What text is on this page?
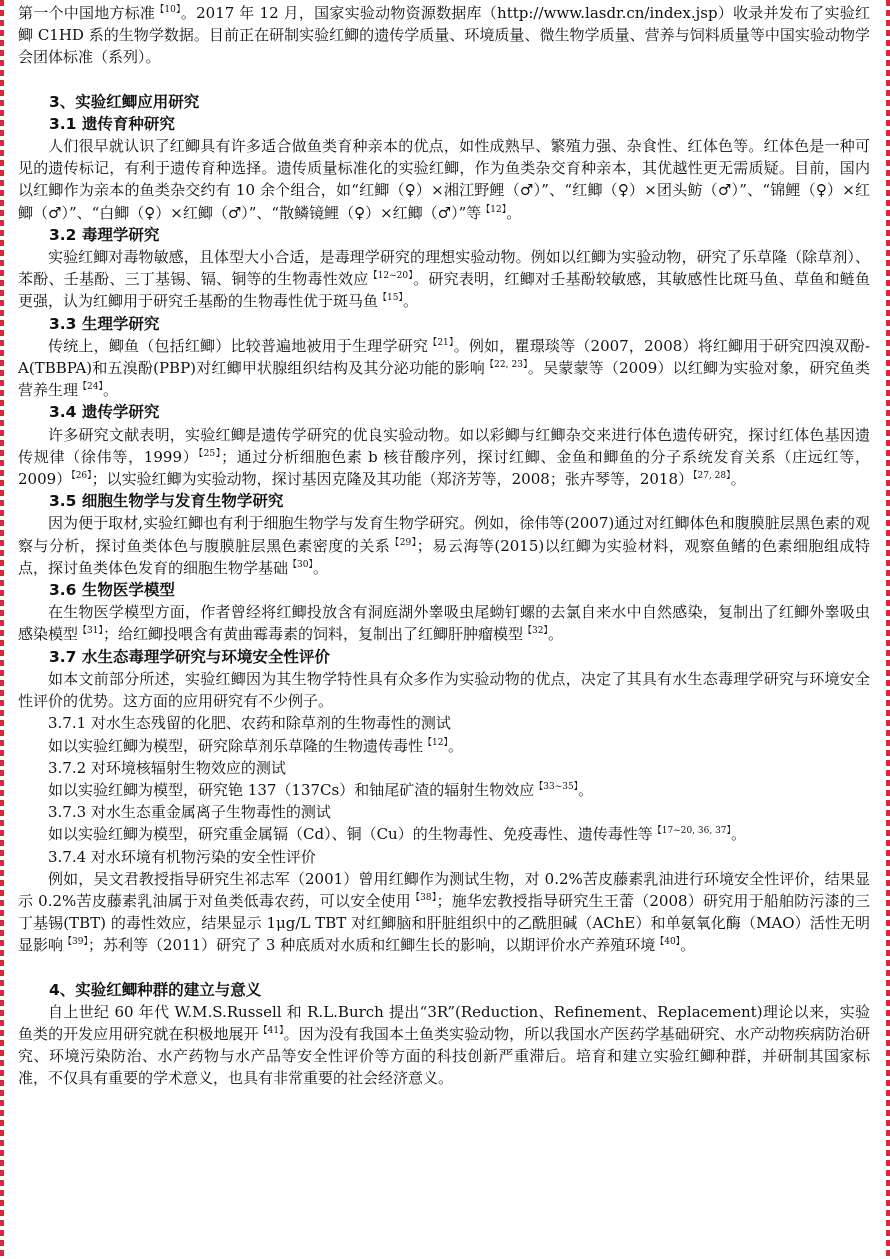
第一个中国地方标准$^{【10】}$。2017 年 12 月，国家实验动物资源数据库（http://www.lasdr.cn/index.jsp）收录并发布了实验红鲫 C1HD 系的生物学数据。目前正在研制实验红鲫的遗传学质量、环境质量、微生物学质量、营养与饲料质量等中国实验动物学会团体标准（系列）。

3、实验红鲫应用研究
3.1 遗传育种研究

人们很早就认识了红鲫具有许多适合做鱼类育种亲本的优点，如性成熟早、繁殖力强、杂食性、红体色等。红体色是一种可见的遗传标记，有利于遗传育种选择。遗传质量标准化的实验红鲫，作为鱼类杂交育种亲本，其优越性更无需质疑。目前，国内以红鲫作为亲本的鱼类杂交约有 10 余个组合，如“红鲫（♀）×湘江野鲤（♂）”、“红鲫（♀）×团头鲂（♂）”、“锦鲤（♀）×红鲫（♂）”、“白鲫（♀）×红鲫（♂）”、“散鳞镜鲤（♀）×红鲫（♂）”等$^{【12】}$。

3.2 毒理学研究

实验红鲫对毒物敏感，且体型大小合适，是毒理学研究的理想实验动物。例如以红鲫为实验动物，研究了乐草隆（除草剂）、苯酚、壬基酚、三丁基锡、镉、铜等的生物毒性效应$^{【12\sim 20】}$。研究表明，红鲫对壬基酚较敏感，其敏感性比斑马鱼、草鱼和鲢鱼更强，认为红鲫用于研究壬基酚的生物毒性优于斑马鱼$^{【15】}$。

3.3 生理学研究

传统上，鲫鱼（包括红鲫）比较普遍地被用于生理学研究$^{【21】}$。例如，瞿璟琰等（2007，2008）将红鲫用于研究四溴双酚-A(TBBPA)和五溴酚(PBP)对红鲫甲状腺组织结构及其分泌功能的影响$^{【22, 23】}$。吴蒙蒙等（2009）以红鲫为实验对象，研究鱼类营养生理$^{【24】}$。

3.4 遗传学研究

许多研究文献表明，实验红鲫是遗传学研究的优良实验动物。如以彩鲫与红鲫杂交来进行体色遗传研究，探讨红体色基因遗传规律（徐伟等，1999）$^{【25】}$；通过分析细胞色素 b 核苷酸序列，探讨红鲫、金鱼和鲫鱼的分子系统发育关系（庄远红等，2009）$^{【26】}$；以实验红鲫为实验动物，探讨基因克隆及其功能（郑济芳等，2008；张卉琴等，2018）$^{【27, 28】}$。

3.5 细胞生物学与发育生物学研究

因为便于取材,实验红鲫也有利于细胞生物学与发育生物学研究。例如，徐伟等(2007)通过对红鲫体色和腹膜脏层黑色素的观察与分析，探讨鱼类体色与腹膜脏层黑色素密度的关系$^{【29】}$；易云海等(2015)以红鲫为实验材料，观察鱼鳍的色素细胞组成特点，探讨鱼类体色发育的细胞生物学基础$^{【30】}$。

3.6 生物医学模型

在生物医学模型方面，作者曾经将红鲫投放含有洞庭湖外睾吸虫尾蚴钉螺的去氯自来水中自然感染，复制出了红鲫外睾吸虫感染模型$^{【31】}$；给红鲫投喂含有黄曲霉毒素的饲料，复制出了红鲫肝肿瘤模型$^{【32】}$。

3.7 水生态毒理学研究与环境安全性评价

如本文前部分所述，实验红鲫因为其生物学特性具有众多作为实验动物的优点，决定了其具有水生态毒理学研究与环境安全性评价的优势。这方面的应用研究有不少例子。

3.7.1 对水生态残留的化肥、农药和除草剂的生物毒性的测试

如以实验红鲫为模型，研究除草剂乐草隆的生物遗传毒性$^{【12】}$。

3.7.2 对环境核辐射生物效应的测试

如以实验红鲫为模型，研究铯 137（137Cs）和铀尾矿渣的辐射生物效应$^{【33\sim 35】}$。

3.7.3 对水生态重金属离子生物毒性的测试

如以实验红鲫为模型，研究重金属镉（Cd）、铜（Cu）的生物毒性、免疫毒性、遗传毒性等$^{【17\sim 20, 36, 37】}$。

3.7.4 对水环境有机物污染的安全性评价

例如，吴文君教授指导研究生祁志军（2001）曾用红鲫作为测试生物，对 0.2%苦皮藤素乳油进行环境安全性评价，结果显示 0.2%苦皮藤素乳油属于对鱼类低毒农药，可以安全使用$^{【38】}$；施华宏教授指导研究生王蕾（2008）研究用于船舶防污漆的三丁基锡(TBT) 的毒性效应，结果显示 1μg/L TBT 对红鲫脑和肝脏组织中的乙酰胆碱（AChE）和单氨氧化酶（MAO）活性无明显影响$^{【39】}$；苏利等（2011）研究了 3 种底质对水质和红鲫生长的影响，以期评价水产养殖环境$^{【40】}$。

4、实验红鲫种群的建立与意义

自上世纪 60 年代 W.M.S.Russell 和 R.L.Burch 提出“3R”(Reduction、Refinement、Replacement)理论以来，实验鱼类的开发应用研究就在积极地展开$^{【41】}$。因为没有我国本土鱼类实验动物，所以我国水产医药学基础研究、水产动物疾病防治研究、环境污染防治、水产药物与水产品等安全性评价等方面的科技创新严重滞后。培育和建立实验红鲫种群，并研制其国家标准，不仅具有重要的学术意义，也具有非常重要的社会经济意义。
